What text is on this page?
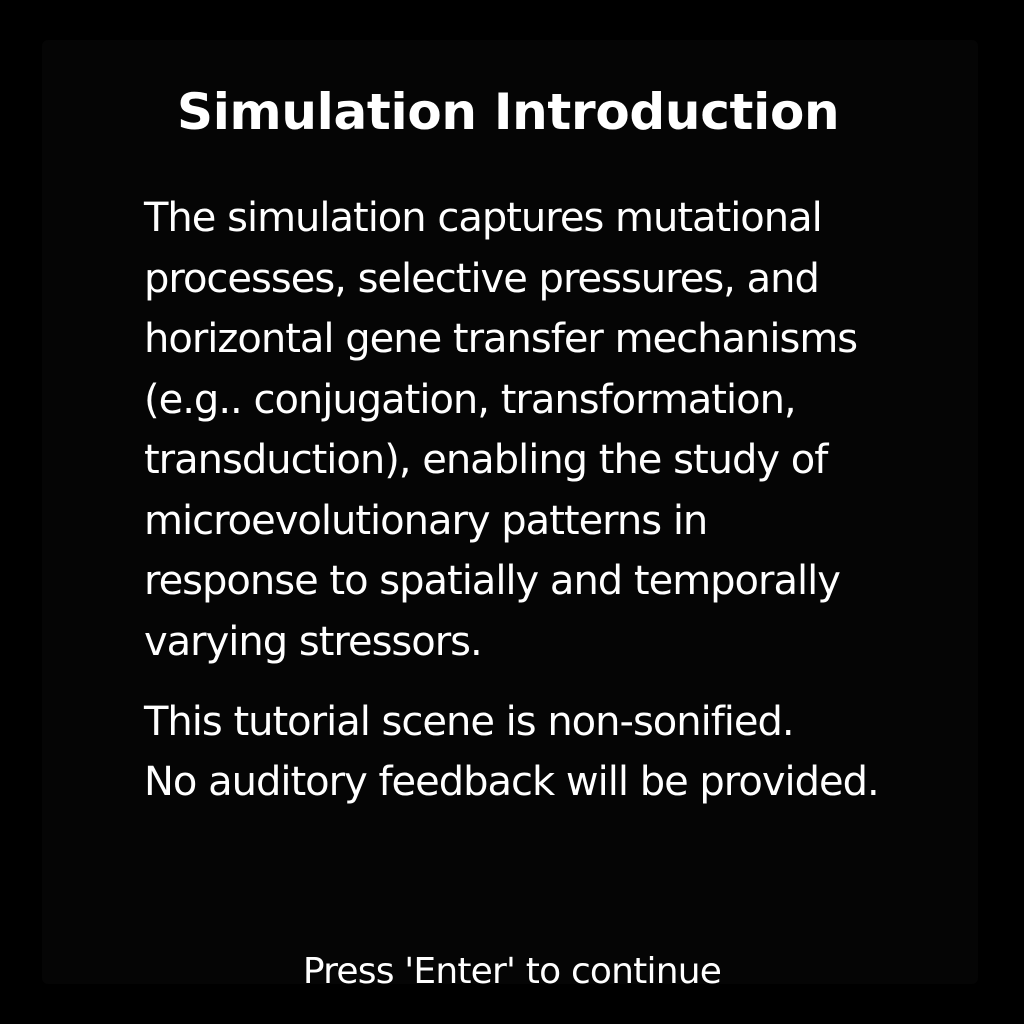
Simulation Introduction
The simulation captures mutational
processes, selective pressures, and
horizontal gene transfer mechanisms
(e.g.. conjugation, transformation,
transduction), enabling the study of
microevolutionary patterns in
response to spatially and temporally
varying stressors.
This tutorial scene is non-sonified.
No auditory feedback will be provided.
Press 'Enter' to continue
